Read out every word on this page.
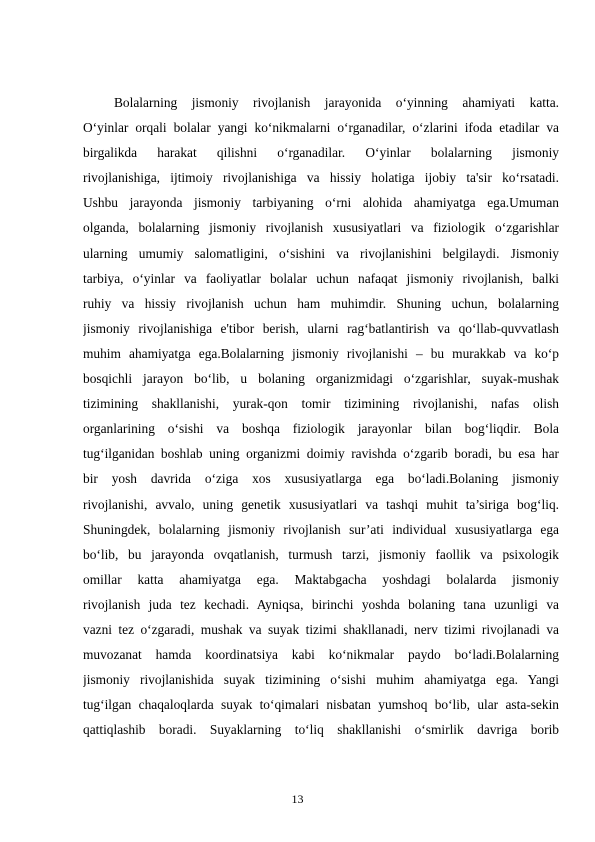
Bolalarning jismoniy rivojlanish jarayonida o‘yinning ahamiyati katta.
O‘yinlar orqali bolalar yangi ko‘nikmalarni o‘rganadilar, o‘zlarini ifoda etadilar va
birgalikda harakat qilishni o‘rganadilar. O‘yinlar bolalarning jismoniy
rivojlanishiga, ijtimoiy rivojlanishiga va hissiy holatiga ijobiy ta'sir ko‘rsatadi.
Ushbu jarayonda jismoniy tarbiyaning o‘rni alohida ahamiyatga ega.Umuman
olganda, bolalarning jismoniy rivojlanish xususiyatlari va fiziologik o‘zgarishlar
ularning umumiy salomatligini, o‘sishini va rivojlanishini belgilaydi. Jismoniy
tarbiya, o‘yinlar va faoliyatlar bolalar uchun nafaqat jismoniy rivojlanish, balki
ruhiy va hissiy rivojlanish uchun ham muhimdir. Shuning uchun, bolalarning
jismoniy rivojlanishiga e'tibor berish, ularni rag‘batlantirish va qo‘llab-quvvatlash
muhim ahamiyatga ega.Bolalarning jismoniy rivojlanishi – bu murakkab va ko‘p
bosqichli jarayon bo‘lib, u bolaning organizmidagi o‘zgarishlar, suyak-mushak
tizimining shakllanishi, yurak-qon tomir tizimining rivojlanishi, nafas olish
organlarining o‘sishi va boshqa fiziologik jarayonlar bilan bog‘liqdir. Bola
tug‘ilganidan boshlab uning organizmi doimiy ravishda o‘zgarib boradi, bu esa har
bir yosh davrida o‘ziga xos xususiyatlarga ega bo‘ladi.Bolaning jismoniy
rivojlanishi, avvalo, uning genetik xususiyatlari va tashqi muhit ta’siriga bog‘liq.
Shuningdek, bolalarning jismoniy rivojlanish sur’ati individual xususiyatlarga ega
bo‘lib, bu jarayonda ovqatlanish, turmush tarzi, jismoniy faollik va psixologik
omillar katta ahamiyatga ega. Maktabgacha yoshdagi bolalarda jismoniy
rivojlanish juda tez kechadi. Ayniqsa, birinchi yoshda bolaning tana uzunligi va
vazni tez o‘zgaradi, mushak va suyak tizimi shakllanadi, nerv tizimi rivojlanadi va
muvozanat hamda koordinatsiya kabi ko‘nikmalar paydo bo‘ladi.Bolalarning
jismoniy rivojlanishida suyak tizimining o‘sishi muhim ahamiyatga ega. Yangi
tug‘ilgan chaqaloqlarda suyak to‘qimalari nisbatan yumshoq bo‘lib, ular asta-sekin
qattiqlashib boradi. Suyaklarning to‘liq shakllanishi o‘smirlik davriga borib
13
